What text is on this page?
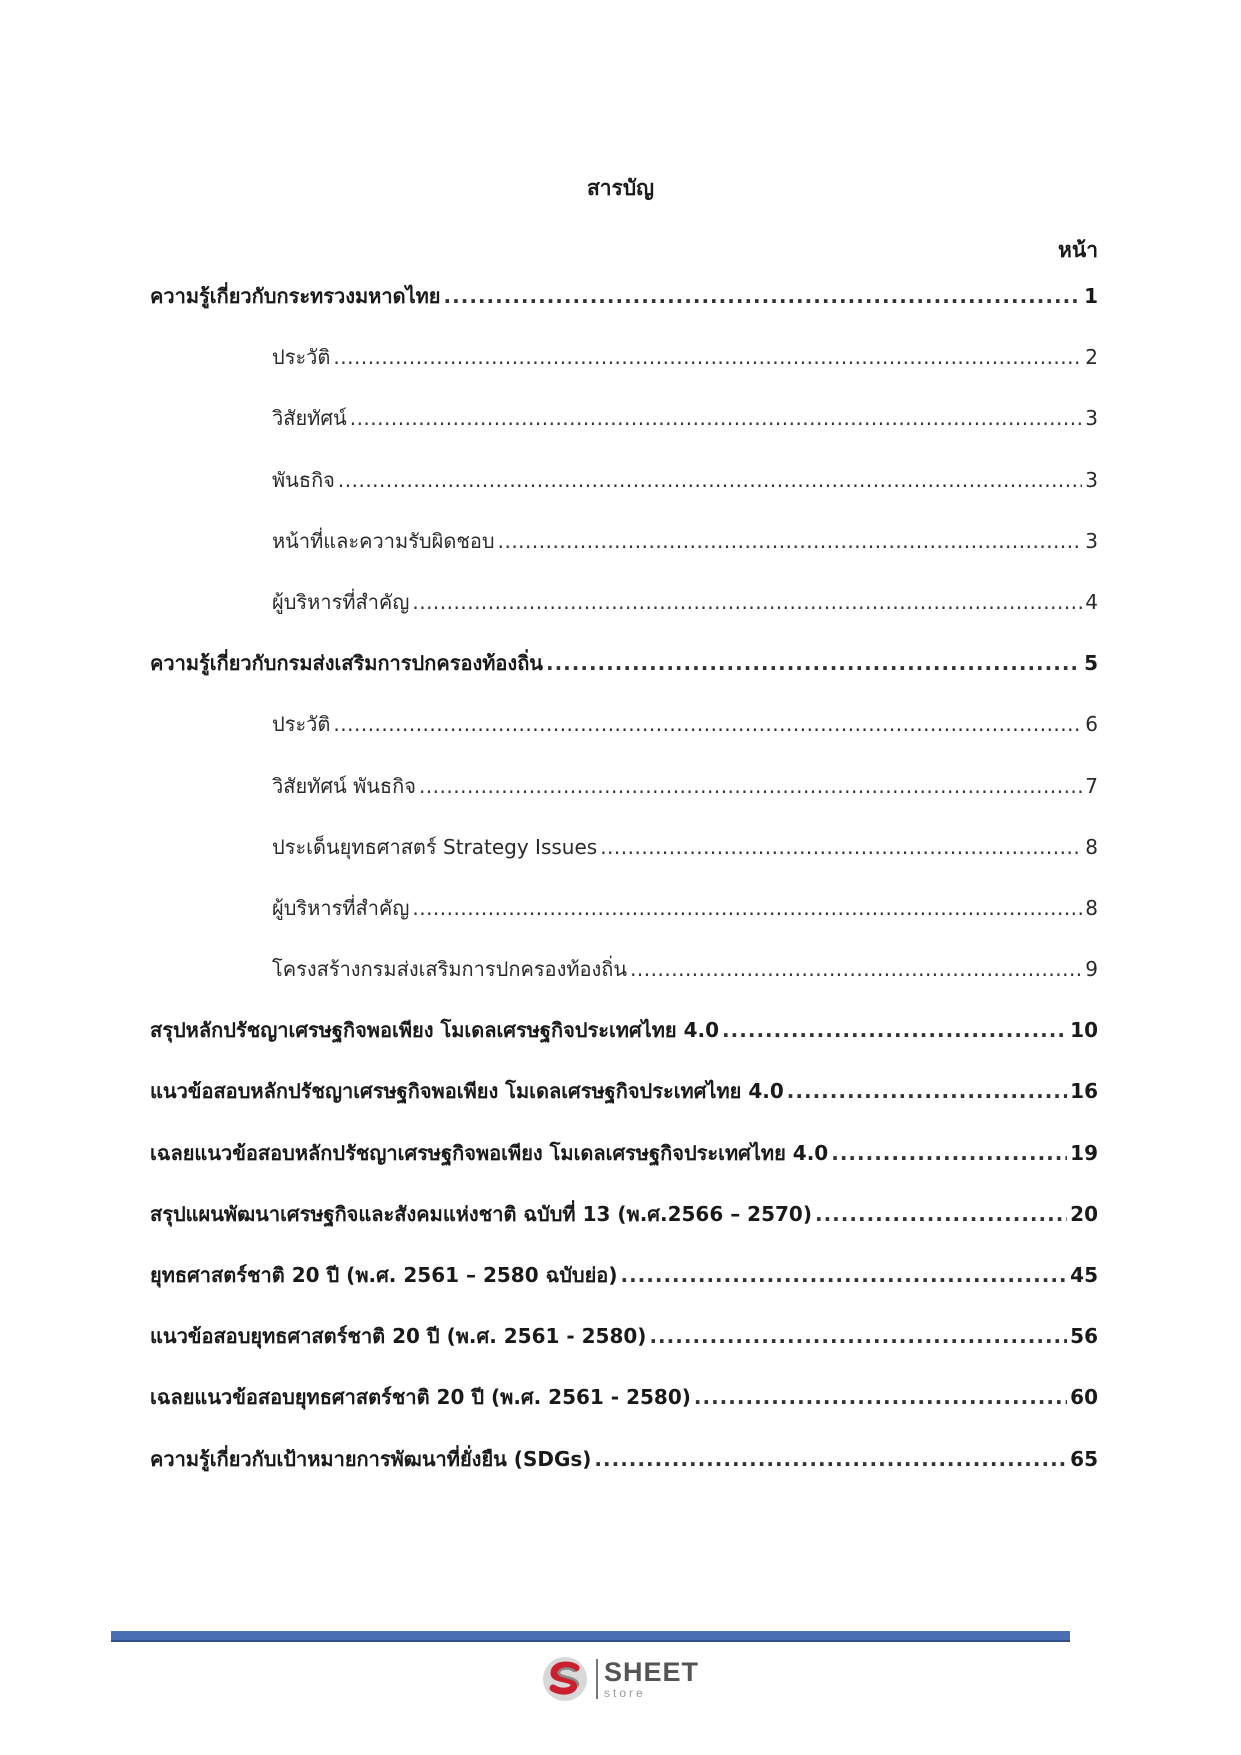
สารบัญ
หน้า
ความรู้เกี่ยวกับกระทรวงมหาดไทย .....	1
ประวัติ .....	2
วิสัยทัศน์ .....	3
พันธกิจ .....	3
หน้าที่และความรับผิดชอบ .....	3
ผู้บริหารที่สำคัญ .....	4
ความรู้เกี่ยวกับกรมส่งเสริมการปกครองท้องถิ่น .....	5
ประวัติ .....	6
วิสัยทัศน์ พันธกิจ .....	7
ประเด็นยุทธศาสตร์ Strategy Issues .....	8
ผู้บริหารที่สำคัญ .....	8
โครงสร้างกรมส่งเสริมการปกครองท้องถิ่น .....	9
สรุปหลักปรัชญาเศรษฐกิจพอเพียง โมเดลเศรษฐกิจประเทศไทย 4.0 .....	10
แนวข้อสอบหลักปรัชญาเศรษฐกิจพอเพียง โมเดลเศรษฐกิจประเทศไทย 4.0 .....	16
เฉลยแนวข้อสอบหลักปรัชญาเศรษฐกิจพอเพียง โมเดลเศรษฐกิจประเทศไทย 4.0 .....	19
สรุปแผนพัฒนาเศรษฐกิจและสังคมแห่งชาติ ฉบับที่ 13 (พ.ศ.2566 – 2570) .....	20
ยุทธศาสตร์ชาติ 20 ปี (พ.ศ. 2561 – 2580 ฉบับย่อ) .....	45
แนวข้อสอบยุทธศาสตร์ชาติ 20 ปี (พ.ศ. 2561 - 2580) .....	56
เฉลยแนวข้อสอบยุทธศาสตร์ชาติ 20 ปี (พ.ศ. 2561 - 2580) .....	60
ความรู้เกี่ยวกับเป้าหมายการพัฒนาที่ยั่งยืน (SDGs) .....	65
SHEET
store
